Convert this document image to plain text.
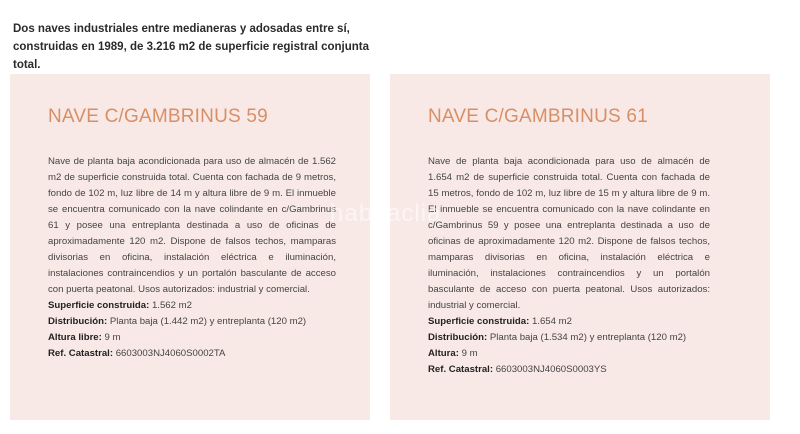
Dos naves industriales entre medianeras y adosadas entre sí, construidas en 1989, de 3.216 m2 de superficie registral conjunta total.
NAVE C/GAMBRINUS 59

Nave de planta baja acondicionada para uso de almacén de 1.562 m2 de superficie construida total. Cuenta con fachada de 9 metros, fondo de 102 m, luz libre de 14 m y altura libre de 9 m. El inmueble se encuentra comunicado con la nave colindante en c/Gambrinus 61 y posee una entreplanta destinada a uso de oficinas de aproximadamente 120 m2. Dispone de falsos techos, mamparas divisorias en oficina, instalación eléctrica e iluminación, instalaciones contraincendios y un portalón basculante de acceso con puerta peatonal. Usos autorizados: industrial y comercial.

Superficie construida: 1.562 m2

Distribución: Planta baja (1.442 m2) y entreplanta (120 m2)

Altura libre: 9 m

Ref. Catastral: 6603003NJ4060S0002TA

NAVE C/GAMBRINUS 61

Nave de planta baja acondicionada para uso de almacén de 1.654 m2 de superficie construida total. Cuenta con fachada de 15 metros, fondo de 102 m, luz libre de 15 m y altura libre de 9 m. El inmueble se encuentra comunicado con la nave colindante en c/Gambrinus 59 y posee una entreplanta destinada a uso de oficinas de aproximadamente 120 m2. Dispone de falsos techos, mamparas divisorias en oficina, instalación eléctrica e iluminación, instalaciones contraincendios y un portalón basculante de acceso con puerta peatonal. Usos autorizados: industrial y comercial.

Superficie construida: 1.654 m2

Distribución: Planta baja (1.534 m2) y entreplanta (120 m2)

Altura: 9 m

Ref. Catastral: 6603003NJ4060S0003YS

habitaclia
